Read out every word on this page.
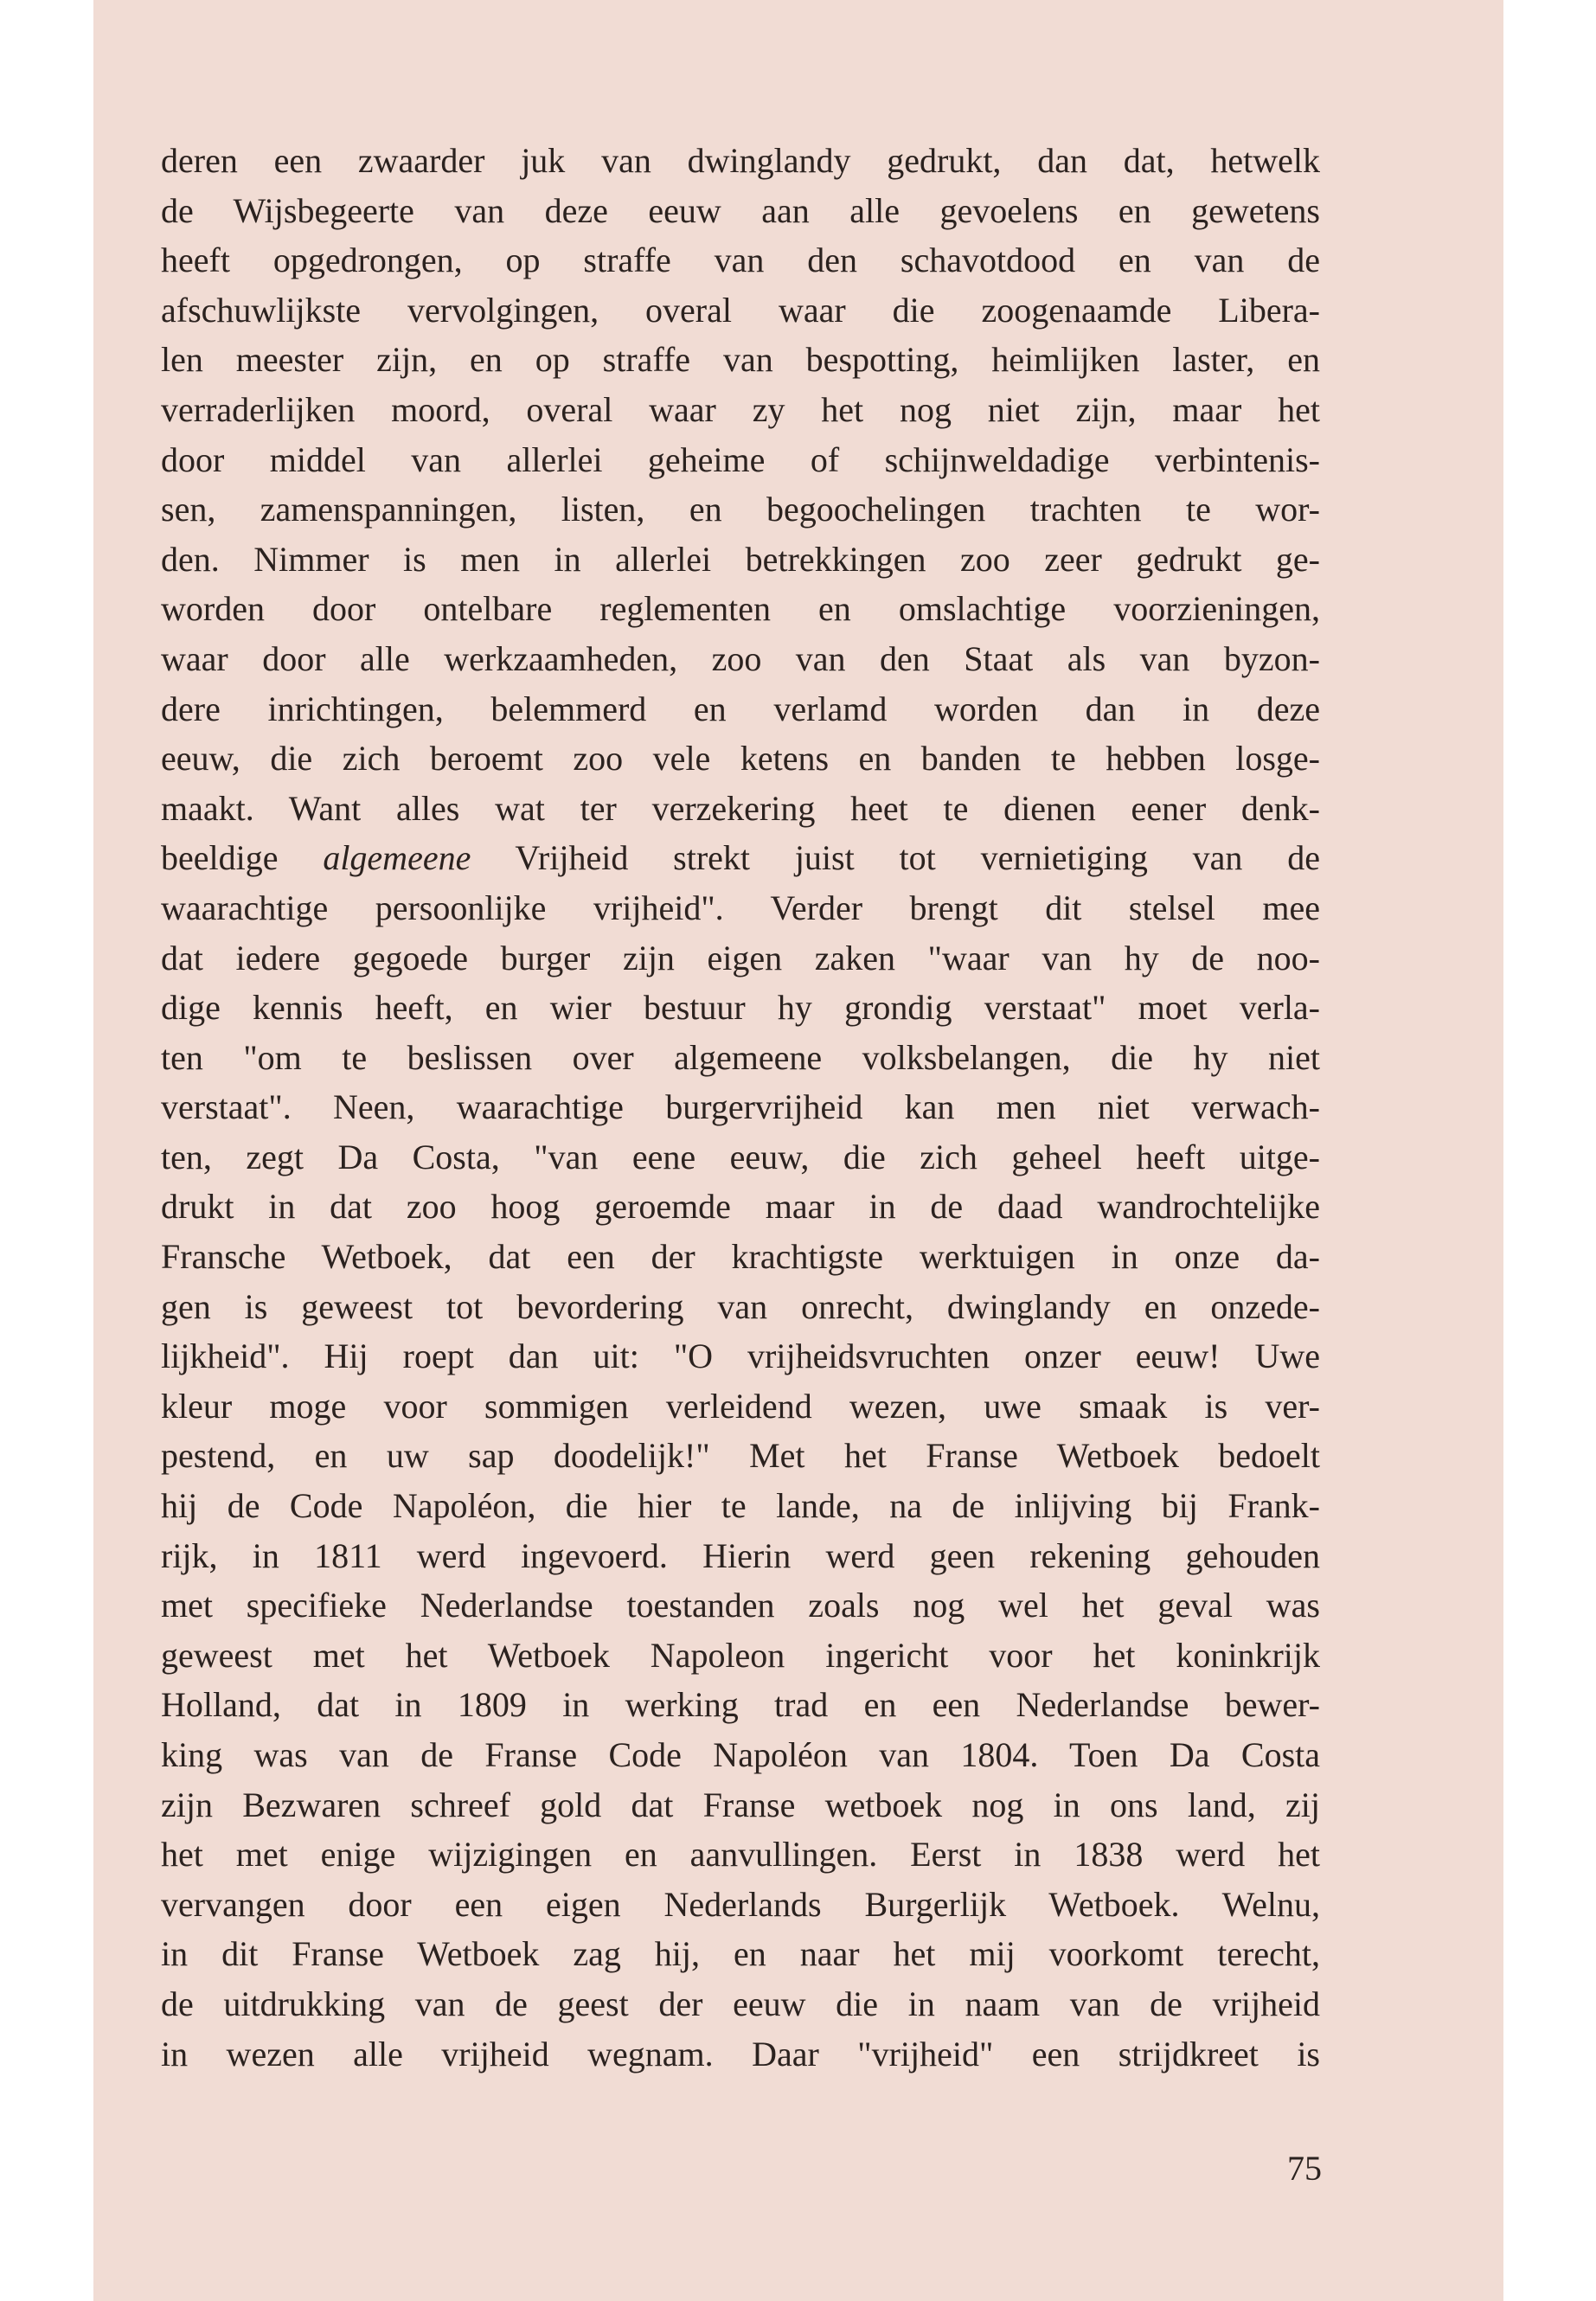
deren een zwaarder juk van dwinglandy gedrukt, dan dat, hetwelk
de Wijsbegeerte van deze eeuw aan alle gevoelens en gewetens
heeft opgedrongen, op straffe van den schavotdood en van de
afschuwlijkste vervolgingen, overal waar die zoogenaamde Libera-
len meester zijn, en op straffe van bespotting, heimlijken laster, en
verraderlijken moord, overal waar zy het nog niet zijn, maar het
door middel van allerlei geheime of schijnweldadige verbintenis-
sen, zamenspanningen, listen, en begoochelingen trachten te wor-
den. Nimmer is men in allerlei betrekkingen zoo zeer gedrukt ge-
worden door ontelbare reglementen en omslachtige voorzieningen,
waar door alle werkzaamheden, zoo van den Staat als van byzon-
dere inrichtingen, belemmerd en verlamd worden dan in deze
eeuw, die zich beroemt zoo vele ketens en banden te hebben losge-
maakt. Want alles wat ter verzekering heet te dienen eener denk-
beeldige algemeene Vrijheid strekt juist tot vernietiging van de
waarachtige persoonlijke vrijheid". Verder brengt dit stelsel mee
dat iedere gegoede burger zijn eigen zaken "waar van hy de noo-
dige kennis heeft, en wier bestuur hy grondig verstaat" moet verla-
ten "om te beslissen over algemeene volksbelangen, die hy niet
verstaat". Neen, waarachtige burgervrijheid kan men niet verwach-
ten, zegt Da Costa, "van eene eeuw, die zich geheel heeft uitge-
drukt in dat zoo hoog geroemde maar in de daad wandrochtelijke
Fransche Wetboek, dat een der krachtigste werktuigen in onze da-
gen is geweest tot bevordering van onrecht, dwinglandy en onzede-
lijkheid". Hij roept dan uit: "O vrijheidsvruchten onzer eeuw! Uwe
kleur moge voor sommigen verleidend wezen, uwe smaak is ver-
pestend, en uw sap doodelijk!" Met het Franse Wetboek bedoelt
hij de Code Napoléon, die hier te lande, na de inlijving bij Frank-
rijk, in 1811 werd ingevoerd. Hierin werd geen rekening gehouden
met specifieke Nederlandse toestanden zoals nog wel het geval was
geweest met het Wetboek Napoleon ingericht voor het koninkrijk
Holland, dat in 1809 in werking trad en een Nederlandse bewer-
king was van de Franse Code Napoléon van 1804. Toen Da Costa
zijn Bezwaren schreef gold dat Franse wetboek nog in ons land, zij
het met enige wijzigingen en aanvullingen. Eerst in 1838 werd het
vervangen door een eigen Nederlands Burgerlijk Wetboek. Welnu,
in dit Franse Wetboek zag hij, en naar het mij voorkomt terecht,
de uitdrukking van de geest der eeuw die in naam van de vrijheid
in wezen alle vrijheid wegnam. Daar "vrijheid" een strijdkreet is
75
